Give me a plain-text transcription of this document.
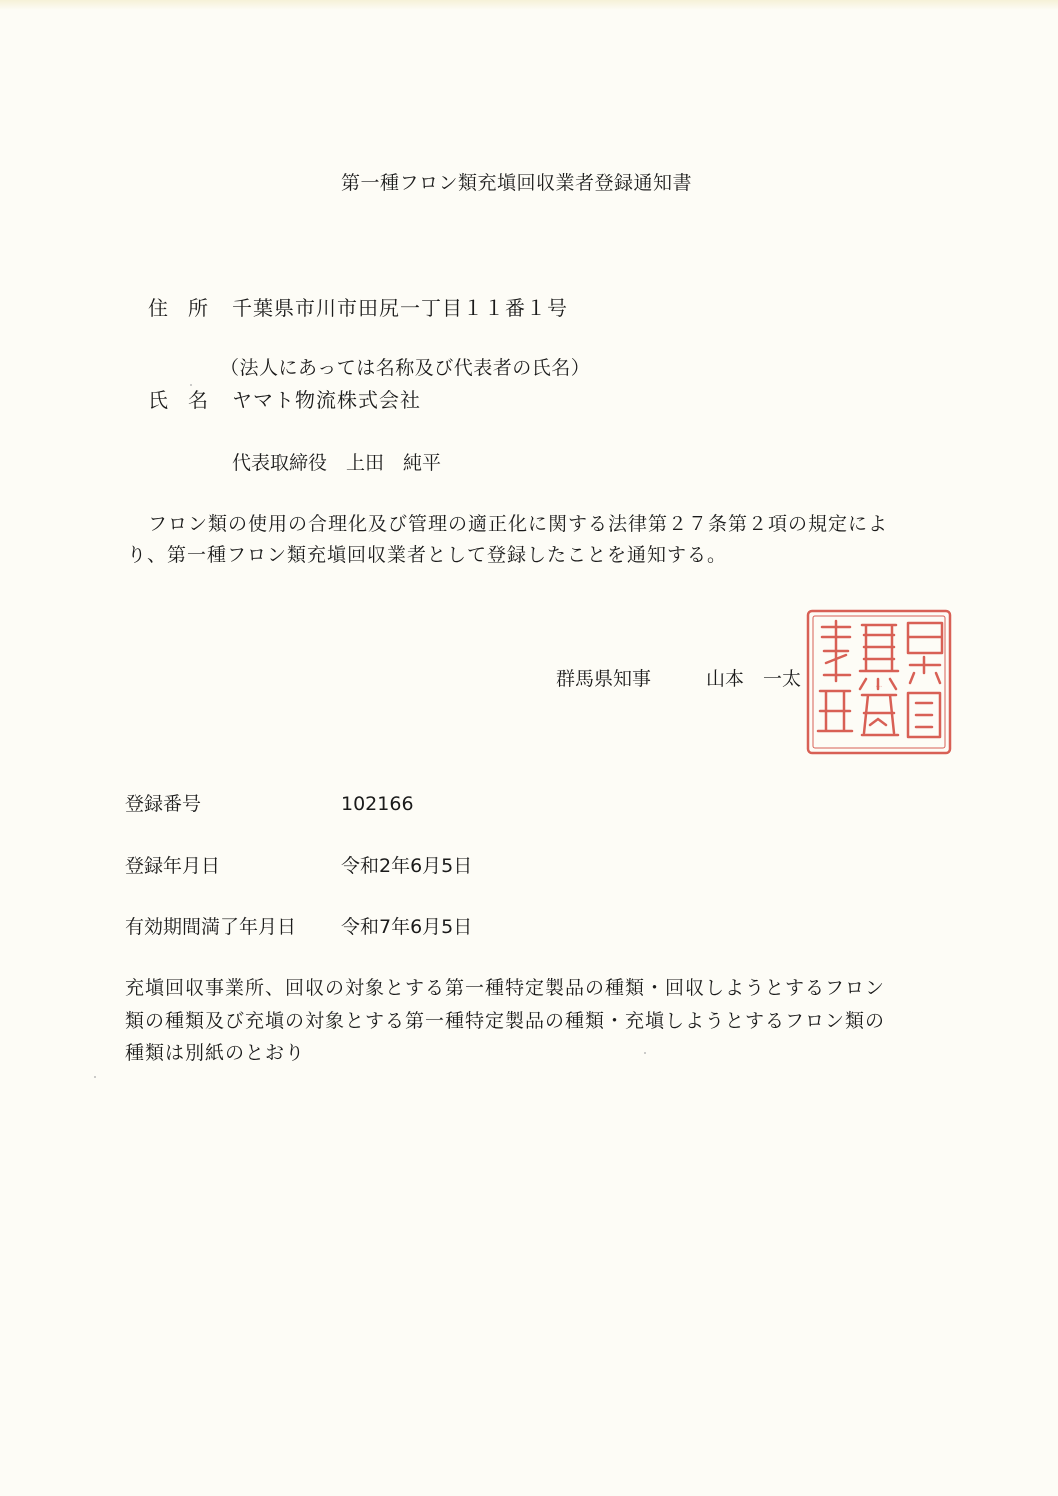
第一種フロン類充塡回収業者登録通知書
住　所 千葉県市川市田尻一丁目１１番１号
（法人にあっては名称及び代表者の氏名）
氏　名 ヤマト物流株式会社
代表取締役　上田　純平
フロン類の使用の合理化及び管理の適正化に関する法律第２７条第２項の規定によ
り、第一種フロン類充塡回収業者として登録したことを通知する。
群馬県知事	山本　一太	群馬県知事印
登録番号	102166
登録年月日	令和2年6月5日
有効期間満了年月日 令和7年6月5日
充塡回収事業所、回収の対象とする第一種特定製品の種類・回収しようとするフロン
類の種類及び充塡の対象とする第一種特定製品の種類・充塡しようとするフロン類の
種類は別紙のとおり
